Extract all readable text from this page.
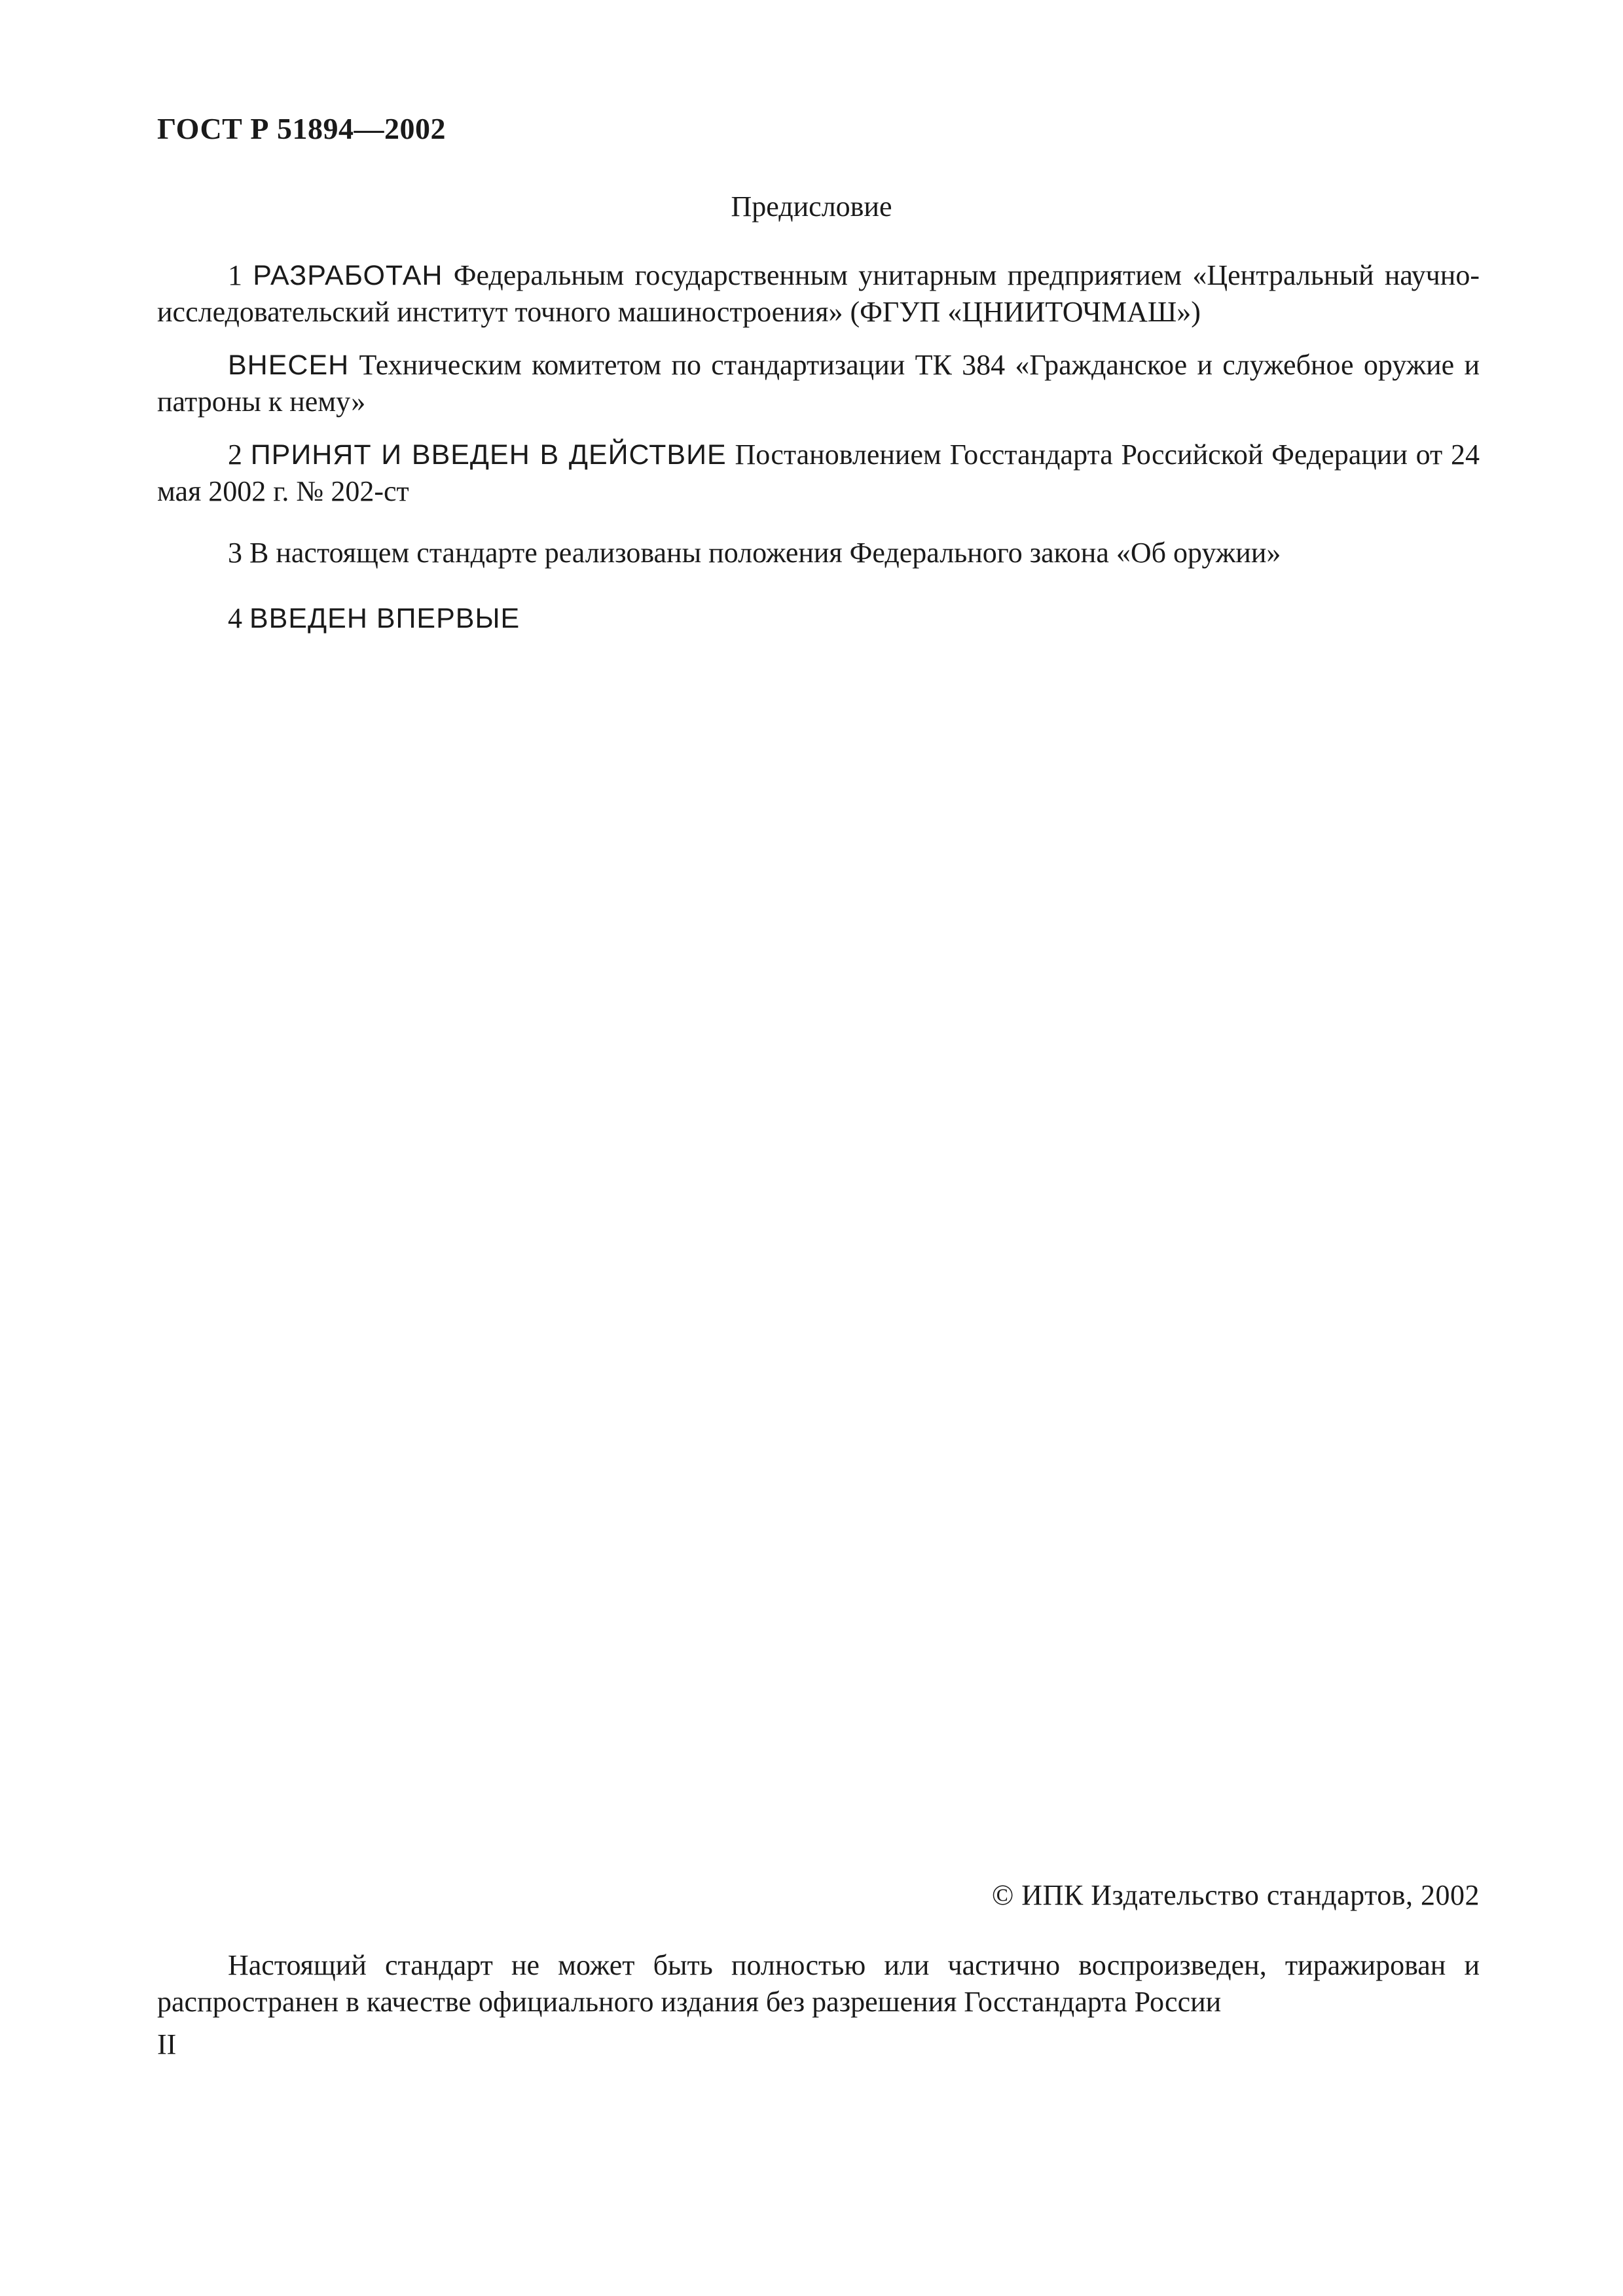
ГОСТ Р 51894—2002
Предисловие
1 РАЗРАБОТАН Федеральным государственным унитарным предприятием «Центральный научно-исследовательский институт точного машиностроения» (ФГУП «ЦНИИТОЧМАШ»)
ВНЕСЕН Техническим комитетом по стандартизации ТК 384 «Гражданское и служебное оружие и патроны к нему»
2 ПРИНЯТ И ВВЕДЕН В ДЕЙСТВИЕ Постановлением Госстандарта Российской Федерации от 24 мая 2002 г. № 202-ст
3 В настоящем стандарте реализованы положения Федерального закона «Об оружии»
4 ВВЕДЕН ВПЕРВЫЕ
© ИПК Издательство стандартов, 2002
Настоящий стандарт не может быть полностью или частично воспроизведен, тиражирован и распространен в качестве официального издания без разрешения Госстандарта России
II
